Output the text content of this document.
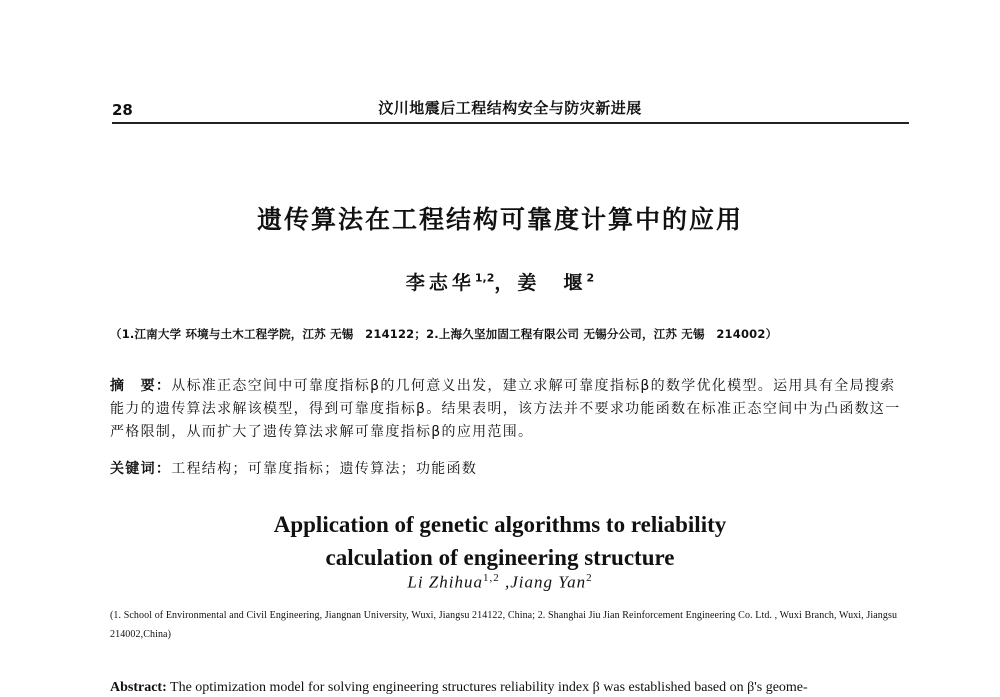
28	汶川地震后工程结构安全与防灾新进展
遗传算法在工程结构可靠度计算中的应用
李志华$^{1,2}$，姜　堰$^2$
（1.江南大学 环境与土木工程学院，江苏 无锡　214122；2.上海久坚加固工程有限公司 无锡分公司，江苏 无锡　214002）
摘　要：从标准正态空间中可靠度指标β的几何意义出发，建立求解可靠度指标β的数学优化模型。运用具有全局搜索能力的遗传算法求解该模型，得到可靠度指标β。结果表明，该方法并不要求功能函数在标准正态空间中为凸函数这一严格限制，从而扩大了遗传算法求解可靠度指标β的应用范围。
关键词：工程结构；可靠度指标；遗传算法；功能函数
Application of genetic algorithms to reliability
calculation of engineering structure
Li Zhihua$^{1,2}$ ,Jiang Yan$^2$
(1. School of Environmental and Civil Engineering, Jiangnan University, Wuxi, Jiangsu 214122, China; 2. Shanghai Jiu Jian Reinforcement Engineering Co. Ltd. , Wuxi Branch, Wuxi, Jiangsu 214002,China)
Abstract: The optimization model for solving engineering structures reliability index β was established based on β's geome-
